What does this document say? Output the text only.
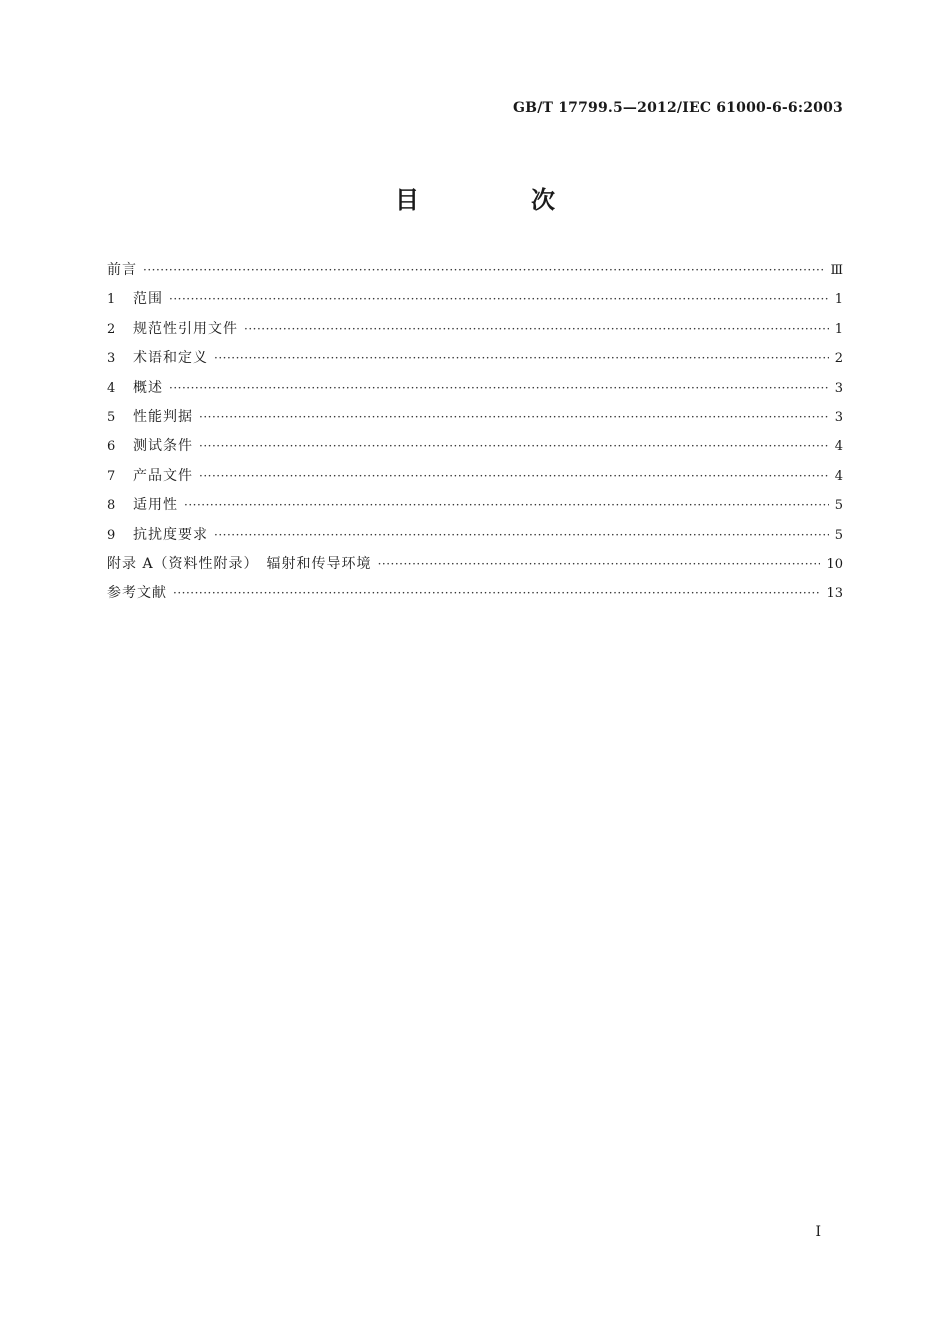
GB/T 17799.5—2012/IEC 61000-6-6:2003
目　次
前言 ·····	Ⅲ
1	范围 ·····	1
2	规范性引用文件 ·····	1
3	术语和定义 ·····	2
4	概述 ·····	3
5	性能判据 ·····	3
6	测试条件 ·····	4
7	产品文件 ·····	4
8	适用性 ·····	5
9	抗扰度要求 ·····	5
附录 A（资料性附录）　辐射和传导环境 ·····	10
参考文献 ·····	13
Ⅰ
